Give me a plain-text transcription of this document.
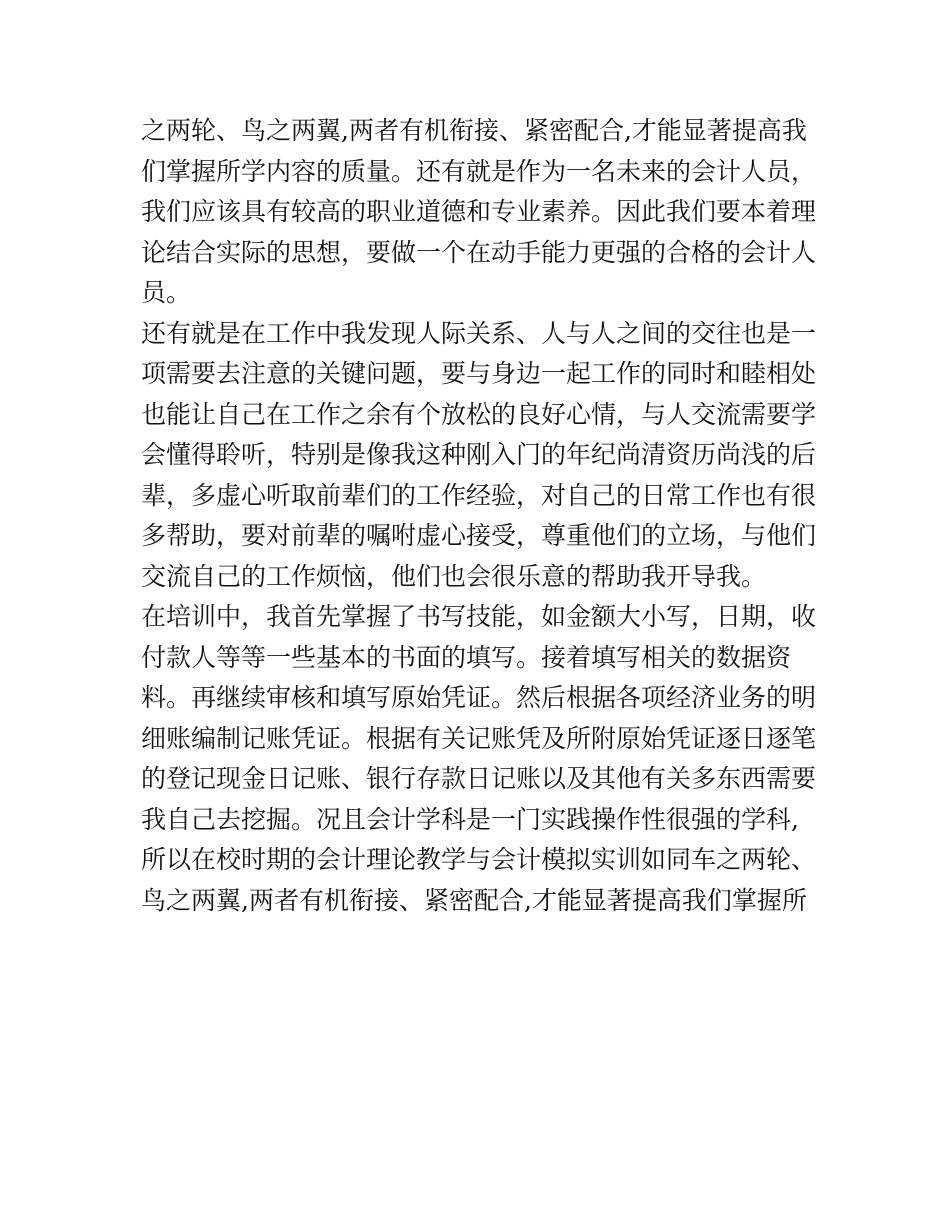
之两轮、鸟之两翼,两者有机衔接、紧密配合,才能显著提高我
们掌握所学内容的质量。还有就是作为一名未来的会计人员，
我们应该具有较高的职业道德和专业素养。因此我们要本着理
论结合实际的思想，要做一个在动手能力更强的合格的会计人
员。
还有就是在工作中我发现人际关系、人与人之间的交往也是一
项需要去注意的关键问题，要与身边一起工作的同时和睦相处
也能让自己在工作之余有个放松的良好心情，与人交流需要学
会懂得聆听，特别是像我这种刚入门的年纪尚清资历尚浅的后
辈，多虚心听取前辈们的工作经验，对自己的日常工作也有很
多帮助，要对前辈的嘱咐虚心接受，尊重他们的立场，与他们
交流自己的工作烦恼，他们也会很乐意的帮助我开导我。
在培训中，我首先掌握了书写技能，如金额大小写，日期，收
付款人等等一些基本的书面的填写。接着填写相关的数据资
料。再继续审核和填写原始凭证。然后根据各项经济业务的明
细账编制记账凭证。根据有关记账凭及所附原始凭证逐日逐笔
的登记现金日记账、银行存款日记账以及其他有关多东西需要
我自己去挖掘。况且会计学科是一门实践操作性很强的学科,
所以在校时期的会计理论教学与会计模拟实训如同车之两轮、
鸟之两翼,两者有机衔接、紧密配合,才能显著提高我们掌握所
